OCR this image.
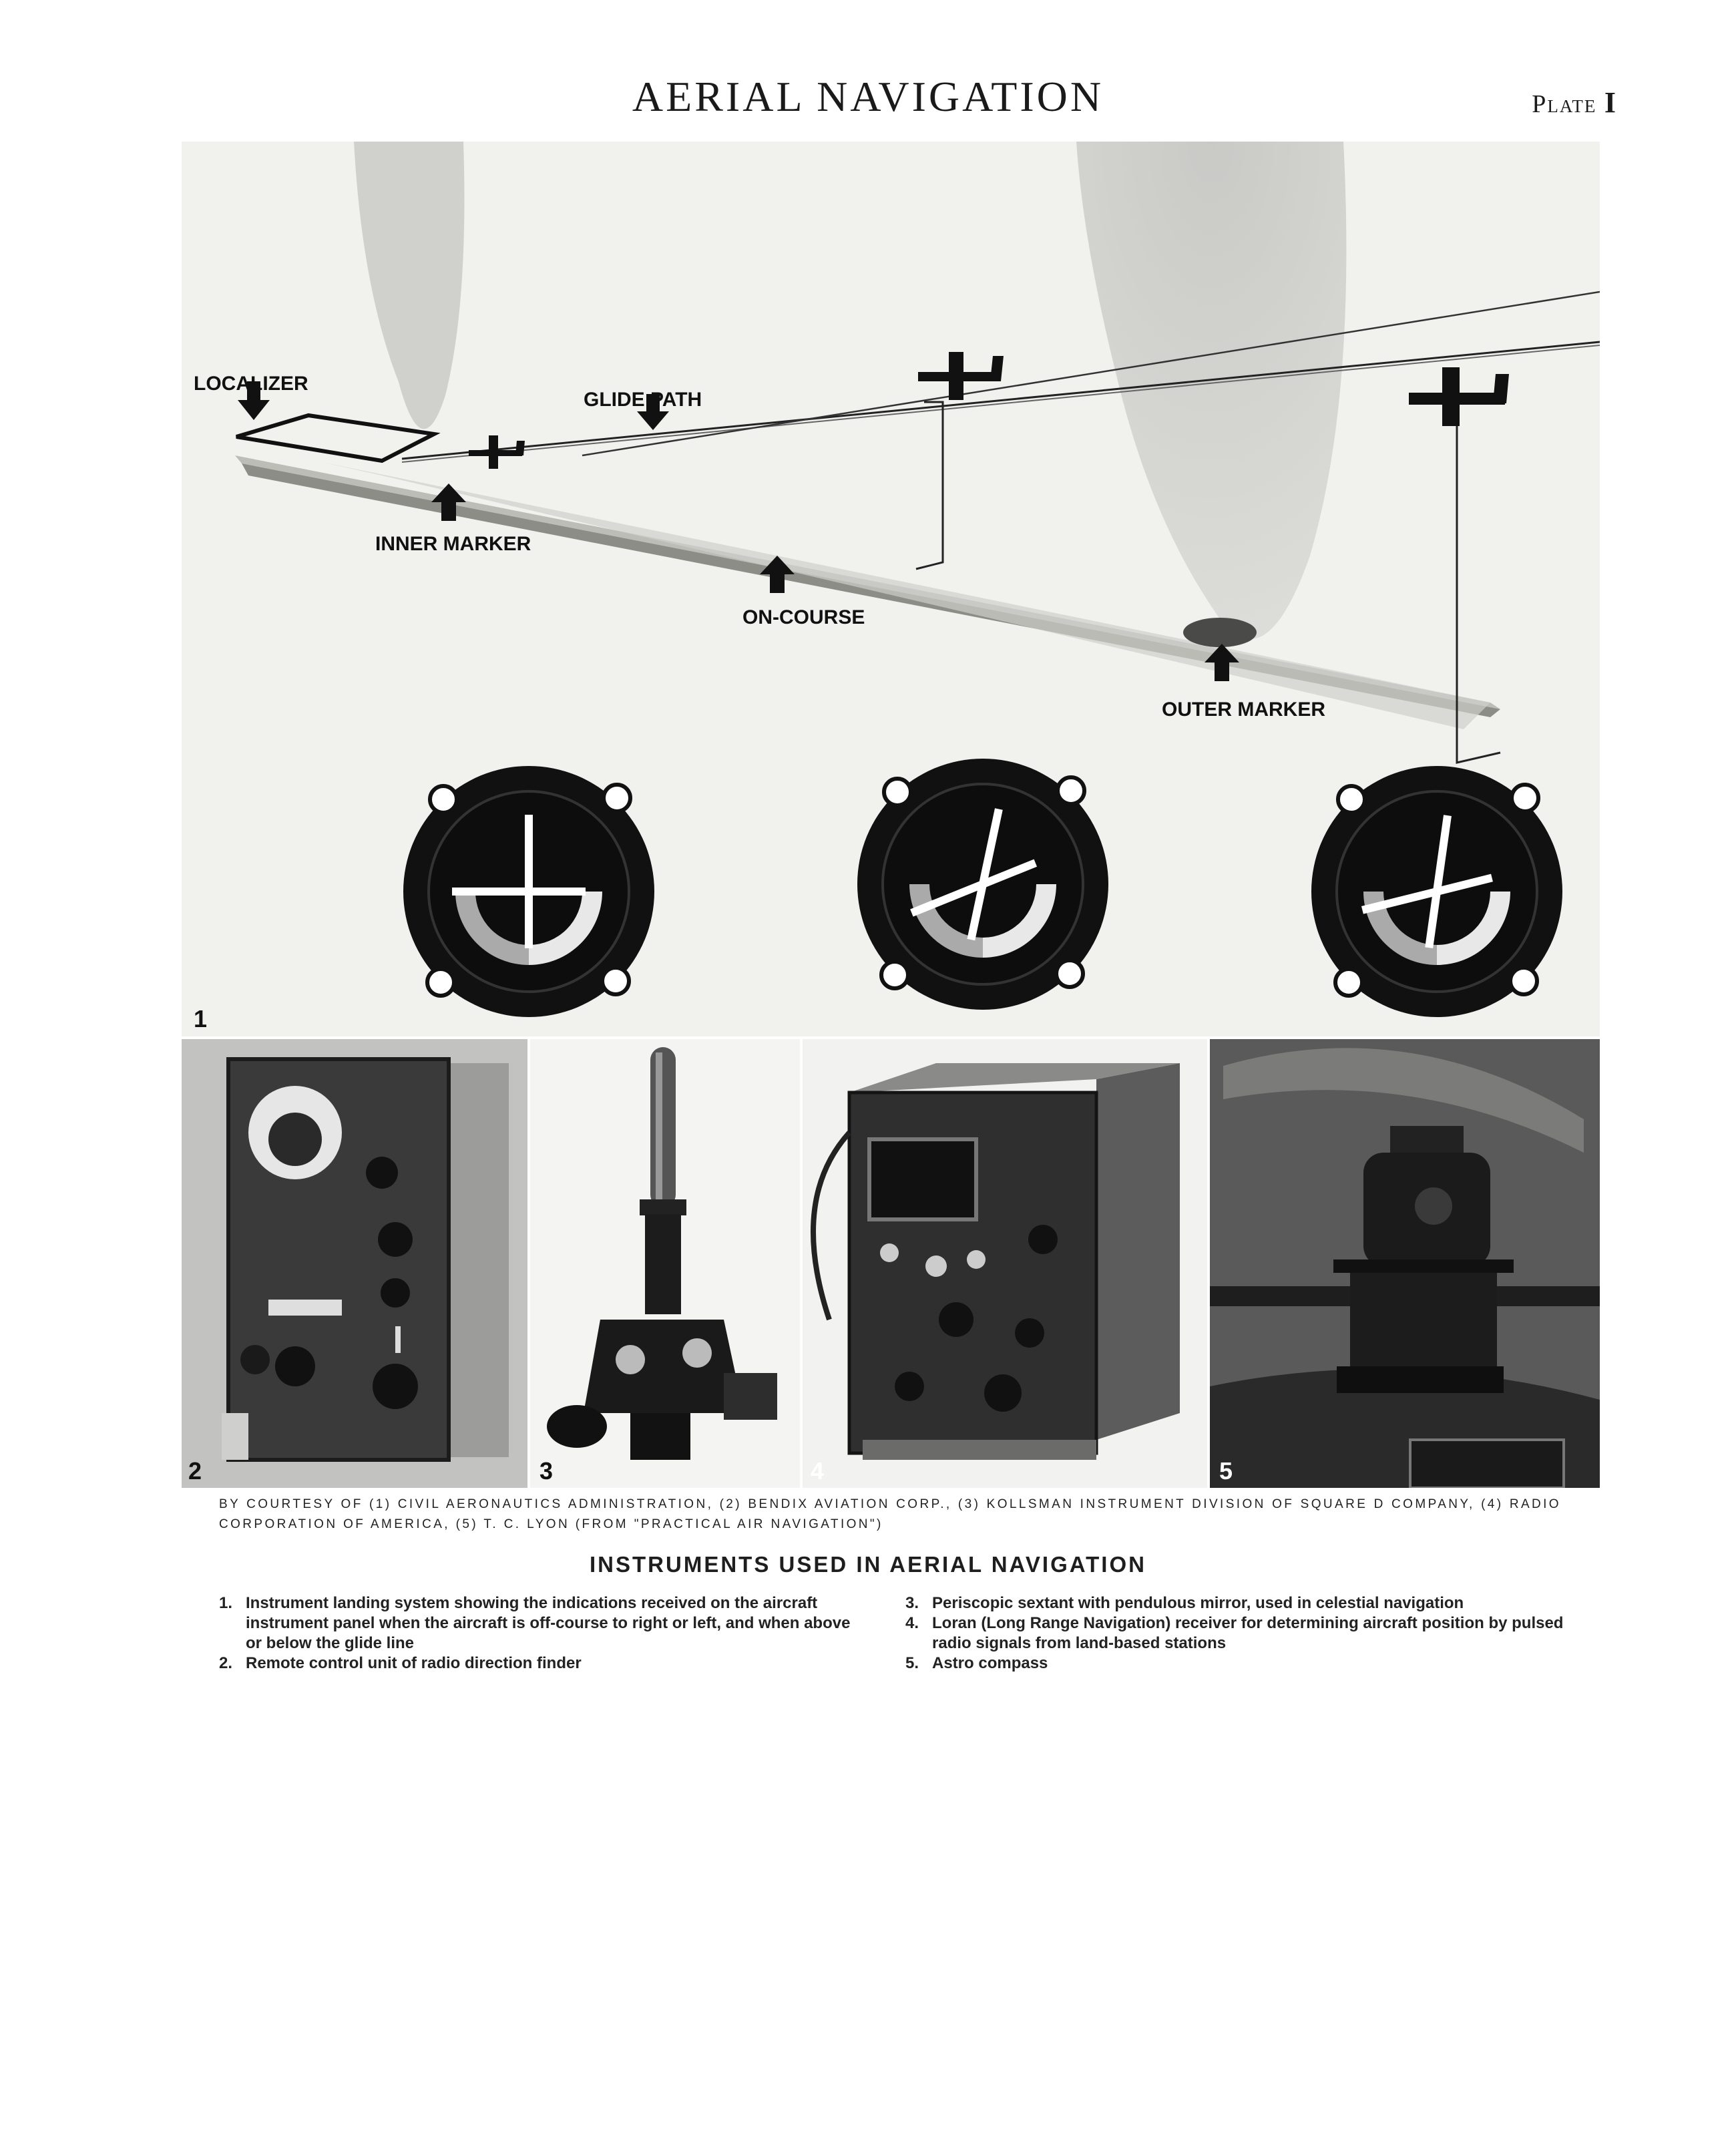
AERIAL NAVIGATION	Plate I
LOCALIZER
GLIDE PATH
INNER MARKER
ON-COURSE
OUTER MARKER
1
2	3	4	5
BY COURTESY OF (1) CIVIL AERONAUTICS ADMINISTRATION, (2) BENDIX AVIATION CORP., (3) KOLLSMAN INSTRUMENT DIVISION OF SQUARE D COMPANY, (4) RADIO CORPORATION OF AMERICA, (5) T. C. LYON (FROM "PRACTICAL AIR NAVIGATION")
INSTRUMENTS USED IN AERIAL NAVIGATION
1. Instrument landing system showing the indications received on the aircraft instrument panel when the aircraft is off-course to right or left, and when above or below the glide line
2. Remote control unit of radio direction finder
3. Periscopic sextant with pendulous mirror, used in celestial navigation
4. Loran (Long Range Navigation) receiver for determining aircraft position by pulsed radio signals from land-based stations
5. Astro compass
